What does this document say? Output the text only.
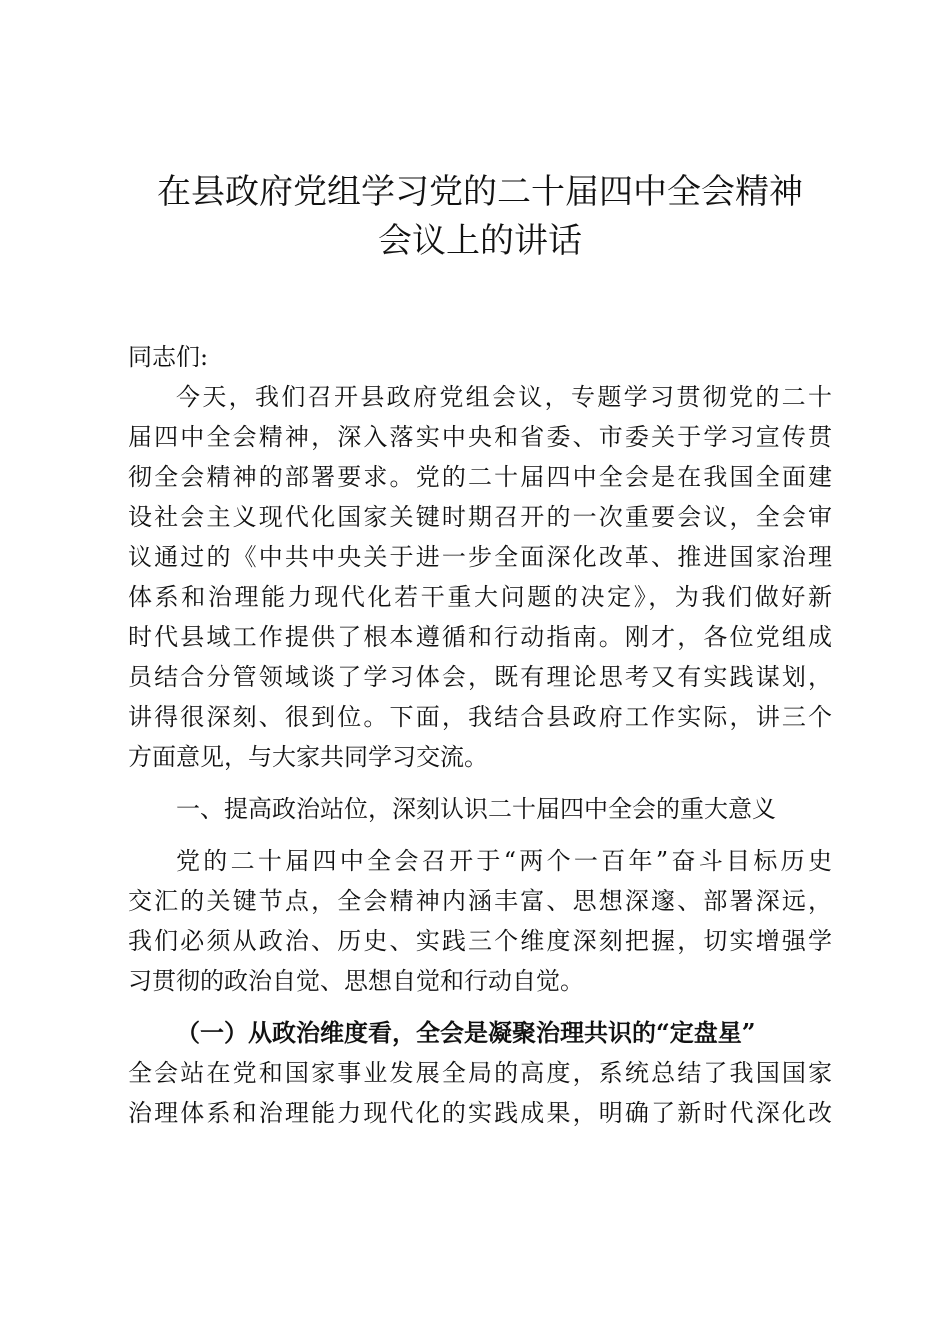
在县政府党组学习党的二十届四中全会精神
会议上的讲话

同志们:

今天，我们召开县政府党组会议，专题学习贯彻党的二十
届四中全会精神，深入落实中央和省委、市委关于学习宣传贯
彻全会精神的部署要求。党的二十届四中全会是在我国全面建
设社会主义现代化国家关键时期召开的一次重要会议，全会审
议通过的《中共中央关于进一步全面深化改革、推进国家治理
体系和治理能力现代化若干重大问题的决定》，为我们做好新
时代县域工作提供了根本遵循和行动指南。刚才，各位党组成
员结合分管领域谈了学习体会，既有理论思考又有实践谋划，
讲得很深刻、很到位。下面，我结合县政府工作实际，讲三个
方面意见，与大家共同学习交流。

一、提高政治站位，深刻认识二十届四中全会的重大意义

党的二十届四中全会召开于“两个一百年”奋斗目标历史
交汇的关键节点，全会精神内涵丰富、思想深邃、部署深远，
我们必须从政治、历史、实践三个维度深刻把握，切实增强学
习贯彻的政治自觉、思想自觉和行动自觉。

（一）从政治维度看，全会是凝聚治理共识的“定盘星”

全会站在党和国家事业发展全局的高度，系统总结了我国国家
治理体系和治理能力现代化的实践成果，明确了新时代深化改
